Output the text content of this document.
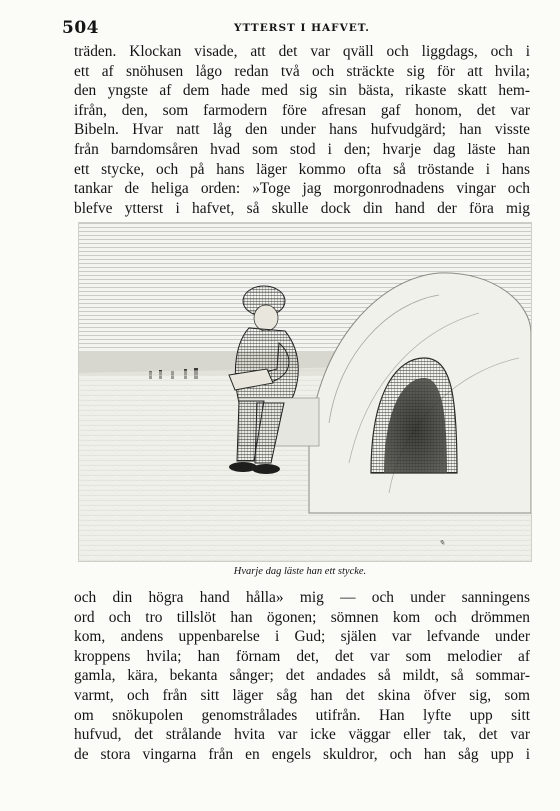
504	YTTERST I HAFVET.
träden. Klockan visade, att det var qväll och liggdags, och i
ett af snöhusen lågo redan två och sträckte sig för att hvila;
den yngste af dem hade med sig sin bästa, rikaste skatt hem-
ifrån, den, som farmodern före afresan gaf honom, det var
Bibeln. Hvar natt låg den under hans hufvudgärd; han visste
från barndomsåren hvad som stod i den; hvarje dag läste han
ett stycke, och på hans läger kommo ofta så tröstande i hans
tankar de heliga orden: »Toge jag morgonrodnadens vingar och
blefve ytterst i hafvet, så skulle dock din hand der föra mig
✎
Hvarje dag läste han ett stycke.
och din högra hand hålla» mig — och under sanningens
ord och tro tillslöt han ögonen; sömnen kom och drömmen
kom, andens uppenbarelse i Gud; själen var lefvande under
kroppens hvila; han förnam det, det var som melodier af
gamla, kära, bekanta sånger; det andades så mildt, så sommar-
varmt, och från sitt läger såg han det skina öfver sig, som
om snökupolen genomstrålades utifrån. Han lyfte upp sitt
hufvud, det strålande hvita var icke väggar eller tak, det var
de stora vingarna från en engels skuldror, och han såg upp i
